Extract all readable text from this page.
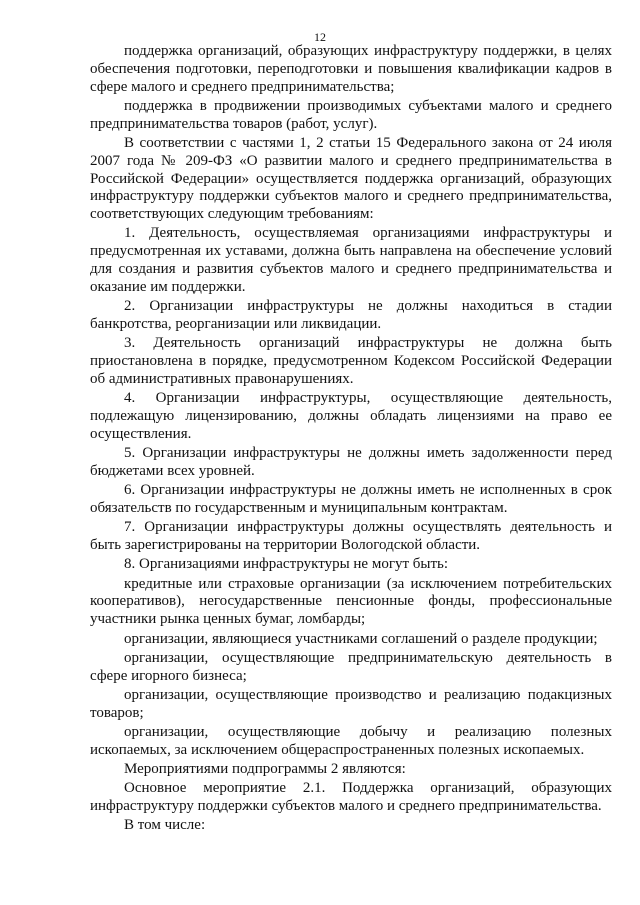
12

поддержка организаций, образующих инфраструктуру поддержки, в целях обеспечения подготовки, переподготовки и повышения квалификации кадров в сфере малого и среднего предпринимательства;

поддержка в продвижении производимых субъектами малого и среднего предпринимательства товаров (работ, услуг).

В соответствии с частями 1, 2 статьи 15 Федерального закона от 24 июля 2007 года № 209-ФЗ «О развитии малого и среднего предпринимательства в Российской Федерации» осуществляется поддержка организаций, образующих инфраструктуру поддержки субъектов малого и среднего предпринимательства, соответствующих следующим требованиям:

1. Деятельность, осуществляемая организациями инфраструктуры и предусмотренная их уставами, должна быть направлена на обеспечение условий для создания и развития субъектов малого и среднего предпринимательства и оказание им поддержки.

2. Организации инфраструктуры не должны находиться в стадии банкротства, реорганизации или ликвидации.

3. Деятельность организаций инфраструктуры не должна быть приостановлена в порядке, предусмотренном Кодексом Российской Федерации об административных правонарушениях.

4. Организации инфраструктуры, осуществляющие деятельность, подлежащую лицензированию, должны обладать лицензиями на право ее осуществления.

5. Организации инфраструктуры не должны иметь задолженности перед бюджетами всех уровней.

6. Организации инфраструктуры не должны иметь не исполненных в срок обязательств по государственным и муниципальным контрактам.

7. Организации инфраструктуры должны осуществлять деятельность и быть зарегистрированы на территории Вологодской области.

8. Организациями инфраструктуры не могут быть:

кредитные или страховые организации (за исключением потребительских кооперативов), негосударственные пенсионные фонды, профессиональные участники рынка ценных бумаг, ломбарды;

организации, являющиеся участниками соглашений о разделе продукции;

организации, осуществляющие предпринимательскую деятельность в сфере игорного бизнеса;

организации, осуществляющие производство и реализацию подакцизных товаров;

организации, осуществляющие добычу и реализацию полезных ископаемых, за исключением общераспространенных полезных ископаемых.

Мероприятиями подпрограммы 2 являются:

Основное мероприятие 2.1. Поддержка организаций, образующих инфраструктуру поддержки субъектов малого и среднего предпринимательства.

В том числе:
